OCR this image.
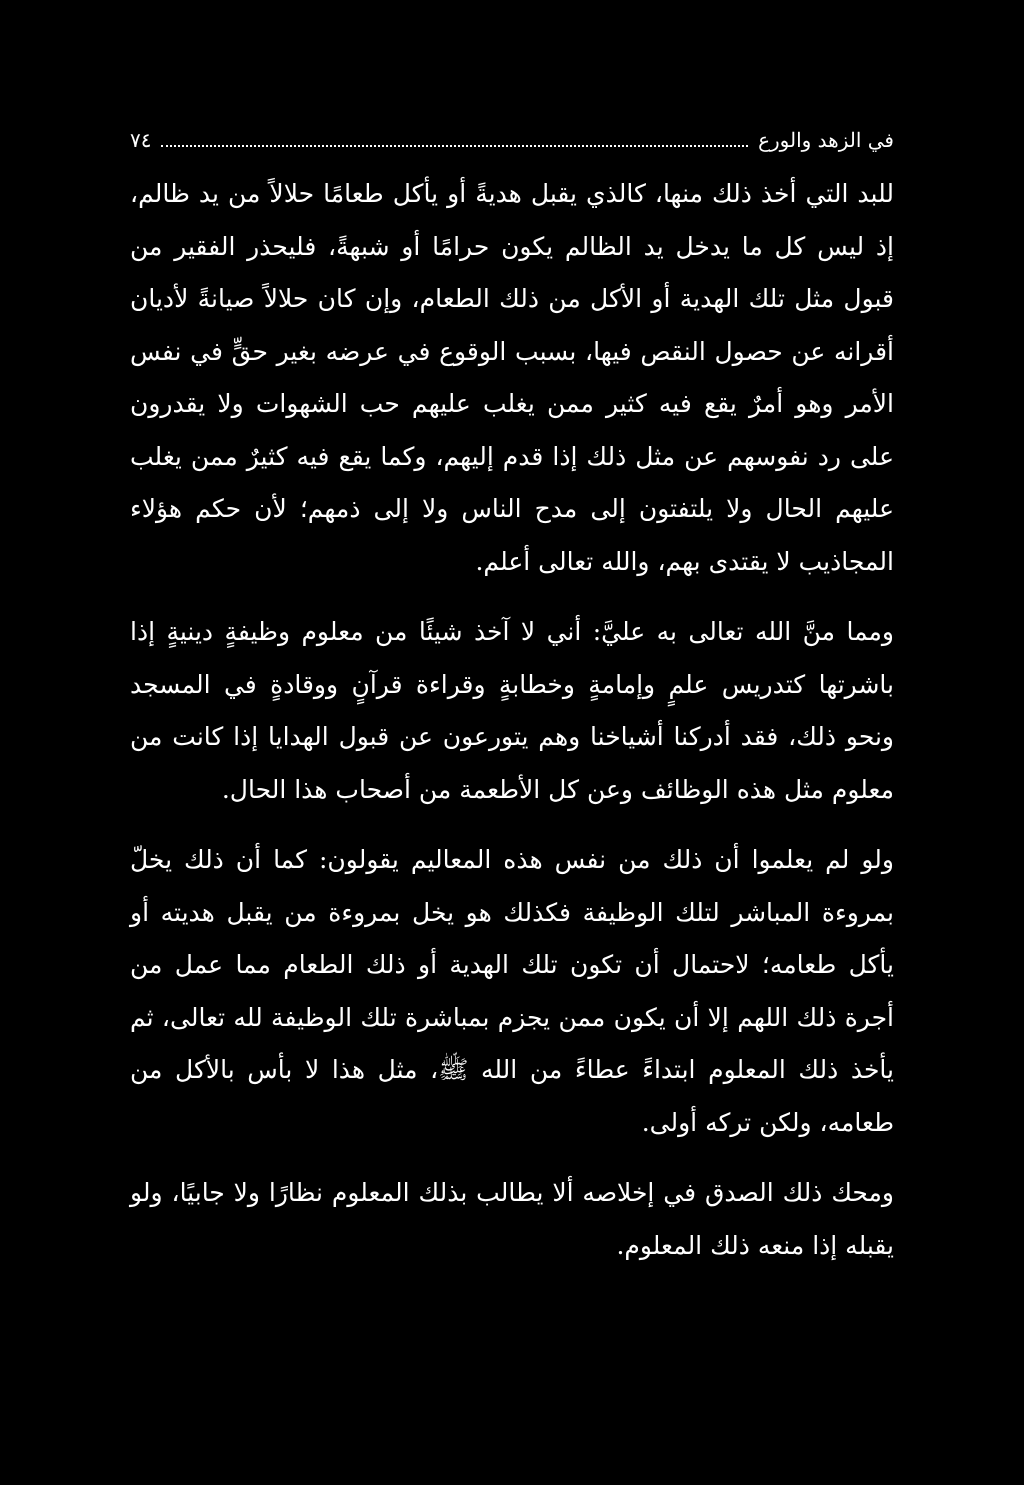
٧٤	في الزهد والورع

للبد التي أخذ ذلك منها، كالذي يقبل هديةً أو يأكل طعامًا حلالاً من يد ظالم، إذ ليس كل ما يدخل يد الظالم يكون حرامًا أو شبهةً، فليحذر الفقير من قبول مثل تلك الهدية أو الأكل من ذلك الطعام، وإن كان حلالاً صيانةً لأديان أقرانه عن حصول النقص فيها، بسبب الوقوع في عرضه بغير حقٍّ في نفس الأمر وهو أمرٌ يقع فيه كثير ممن يغلب عليهم حب الشهوات ولا يقدرون على رد نفوسهم عن مثل ذلك إذا قدم إليهم، وكما يقع فيه كثيرٌ ممن يغلب عليهم الحال ولا يلتفتون إلى مدح الناس ولا إلى ذمهم؛ لأن حكم هؤلاء المجاذيب لا يقتدى بهم، والله تعالى أعلم.

ومما منَّ الله تعالى به عليَّ: أني لا آخذ شيئًا من معلوم وظيفةٍ دينيةٍ إذا باشرتها كتدريس علمٍ وإمامةٍ وخطابةٍ وقراءة قرآنٍ ووقادةٍ في المسجد ونحو ذلك، فقد أدركنا أشياخنا وهم يتورعون عن قبول الهدايا إذا كانت من معلوم مثل هذه الوظائف وعن كل الأطعمة من أصحاب هذا الحال.

ولو لم يعلموا أن ذلك من نفس هذه المعاليم يقولون: كما أن ذلك يخلّ بمروءة المباشر لتلك الوظيفة فكذلك هو يخل بمروءة من يقبل هديته أو يأكل طعامه؛ لاحتمال أن تكون تلك الهدية أو ذلك الطعام مما عمل من أجرة ذلك اللهم إلا أن يكون ممن يجزم بمباشرة تلك الوظيفة لله تعالى، ثم يأخذ ذلك المعلوم ابتداءً عطاءً من الله ﷺ، مثل هذا لا بأس بالأكل من طعامه، ولكن تركه أولى.

ومحك ذلك الصدق في إخلاصه ألا يطالب بذلك المعلوم نظارًا ولا جابيًا، ولو يقبله إذا منعه ذلك المعلوم.
